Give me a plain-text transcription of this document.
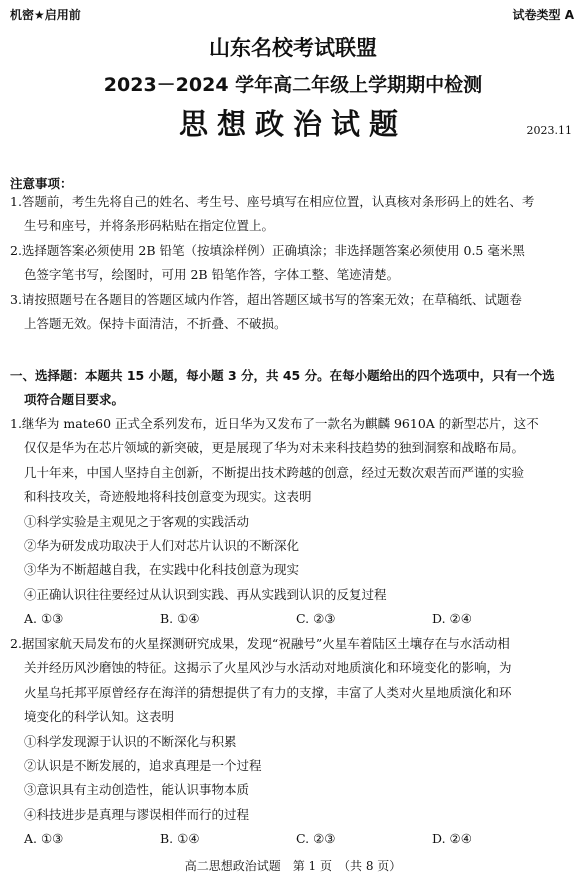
机密★启用前	试卷类型 A
山东名校考试联盟
2023－2024 学年高二年级上学期期中检测
思想政治试题	2023.11
注意事项：
1.答题前，考生先将自己的姓名、考生号、座号填写在相应位置，认真核对条形码上的姓名、考
生号和座号，并将条形码粘贴在指定位置上。
2.选择题答案必须使用 2B 铅笔（按填涂样例）正确填涂；非选择题答案必须使用 0.5 毫米黑
色签字笔书写，绘图时，可用 2B 铅笔作答，字体工整、笔迹清楚。
3.请按照题号在各题目的答题区域内作答，超出答题区域书写的答案无效；在草稿纸、试题卷
上答题无效。保持卡面清洁，不折叠、不破损。
一、选择题：本题共 15 小题，每小题 3 分，共 45 分。在每小题给出的四个选项中，只有一个选
项符合题目要求。
1.继华为 mate60 正式全系列发布，近日华为又发布了一款名为麒麟 9610A 的新型芯片，这不
仅仅是华为在芯片领域的新突破，更是展现了华为对未来科技趋势的独到洞察和战略布局。
几十年来，中国人坚持自主创新，不断提出技术跨越的创意，经过无数次艰苦而严谨的实验
和科技攻关，奇迹般地将科技创意变为现实。这表明
①科学实验是主观见之于客观的实践活动
②华为研发成功取决于人们对芯片认识的不断深化
③华为不断超越自我，在实践中化科技创意为现实
④正确认识往往要经过从认识到实践、再从实践到认识的反复过程
A. ①③	B. ①④	C. ②③	D. ②④
2.据国家航天局发布的火星探测研究成果，发现“祝融号”火星车着陆区土壤存在与水活动相
关并经历风沙磨蚀的特征。这揭示了火星风沙与水活动对地质演化和环境变化的影响，为
火星乌托邦平原曾经存在海洋的猜想提供了有力的支撑，丰富了人类对火星地质演化和环
境变化的科学认知。这表明
①科学发现源于认识的不断深化与积累
②认识是不断发展的，追求真理是一个过程
③意识具有主动创造性，能认识事物本质
④科技进步是真理与谬误相伴而行的过程
A. ①③	B. ①④	C. ②③	D. ②④
高二思想政治试题　第 1 页　（共 8 页）
